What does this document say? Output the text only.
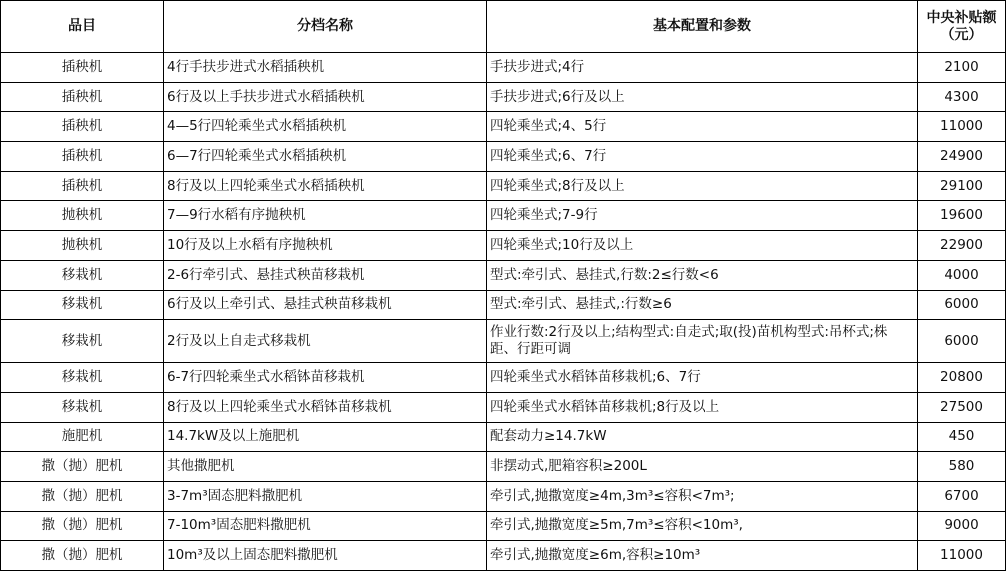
品目	分档名称	基本配置和参数	中央补贴额（元）
插秧机	4行手扶步进式水稻插秧机	手扶步进式;4行	2100
插秧机	6行及以上手扶步进式水稻插秧机	手扶步进式;6行及以上	4300
插秧机	4—5行四轮乘坐式水稻插秧机	四轮乘坐式;4、5行	11000
插秧机	6—7行四轮乘坐式水稻插秧机	四轮乘坐式;6、7行	24900
插秧机	8行及以上四轮乘坐式水稻插秧机	四轮乘坐式;8行及以上	29100
抛秧机	7—9行水稻有序抛秧机	四轮乘坐式;7-9行	19600
抛秧机	10行及以上水稻有序抛秧机	四轮乘坐式;10行及以上	22900
移栽机	2-6行牵引式、悬挂式秧苗移栽机	型式:牵引式、悬挂式,行数:2≤行数<6	4000
移栽机	6行及以上牵引式、悬挂式秧苗移栽机	型式:牵引式、悬挂式,:行数≥6	6000
移栽机	2行及以上自走式移栽机	作业行数:2行及以上;结构型式:自走式;取(投)苗机构型式:吊杯式;株距、行距可调	6000
移栽机	6-7行四轮乘坐式水稻钵苗移栽机	四轮乘坐式水稻钵苗移栽机;6、7行	20800
移栽机	8行及以上四轮乘坐式水稻钵苗移栽机	四轮乘坐式水稻钵苗移栽机;8行及以上	27500
施肥机	14.7kW及以上施肥机	配套动力≥14.7kW	450
撒（抛）肥机	其他撒肥机	非摆动式,肥箱容积≥200L	580
撒（抛）肥机	3-7m³固态肥料撒肥机	牵引式,抛撒宽度≥4m,3m³≤容积<7m³;	6700
撒（抛）肥机	7-10m³固态肥料撒肥机	牵引式,抛撒宽度≥5m,7m³≤容积<10m³,	9000
撒（抛）肥机	10m³及以上固态肥料撒肥机	牵引式,抛撒宽度≥6m,容积≥10m³	11000
